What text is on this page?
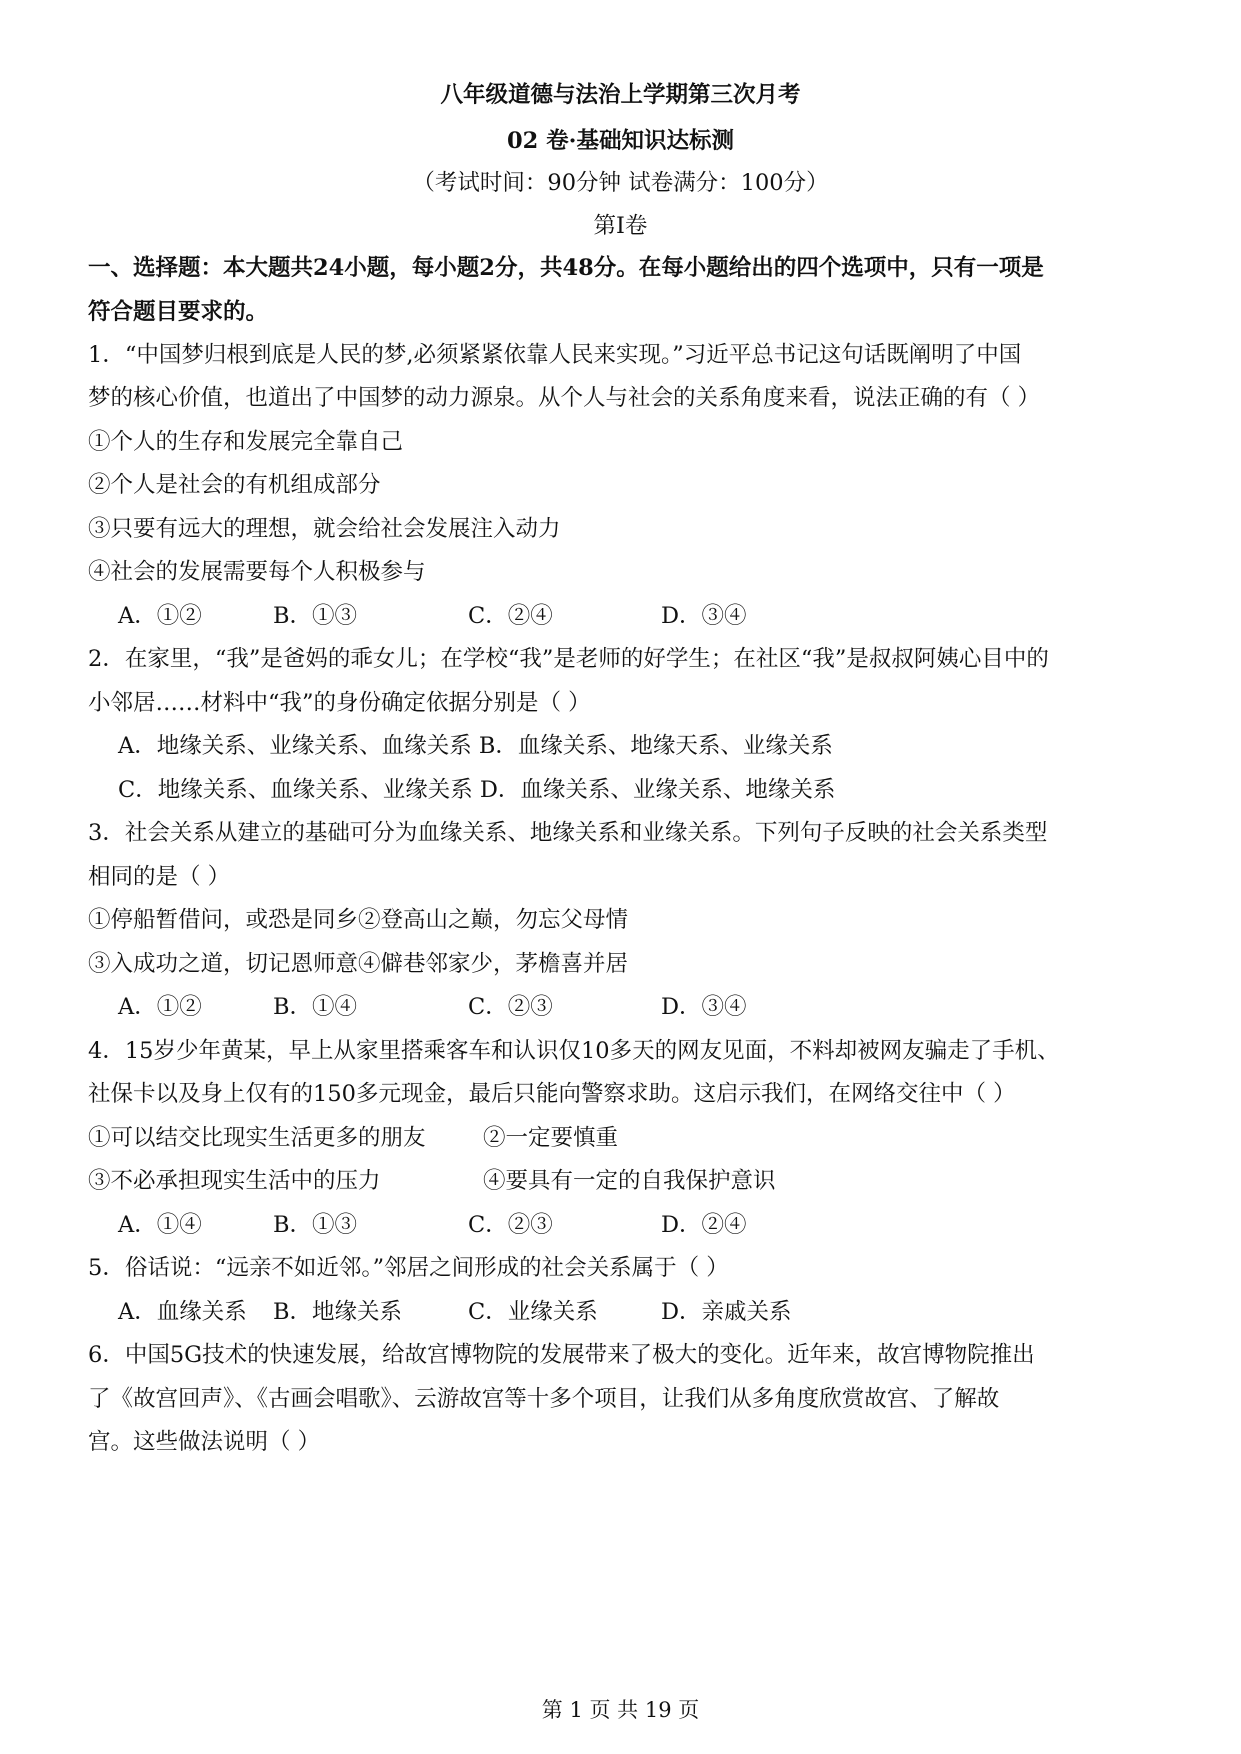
八年级道德与法治上学期第三次月考
02 卷·基础知识达标测
（考试时间：90分钟 试卷满分：100分）
第Ⅰ卷
一、选择题：本大题共24小题，每小题2分，共48分。在每小题给出的四个选项中，只有一项是
符合题目要求的。
1．“中国梦归根到底是人民的梦,必须紧紧依靠人民来实现。”习近平总书记这句话既阐明了中国
梦的核心价值，也道出了中国梦的动力源泉。从个人与社会的关系角度来看，说法正确的有（ ）
①个人的生存和发展完全靠自己
②个人是社会的有机组成部分
③只要有远大的理想，就会给社会发展注入动力
④社会的发展需要每个人积极参与
A．①②	B．①③	C．②④	D．③④
2．在家里，“我”是爸妈的乖女儿；在学校“我”是老师的好学生；在社区“我”是叔叔阿姨心目中的
小邻居……材料中“我”的身份确定依据分别是（ ）
A．地缘关系、业缘关系、血缘关系 B．血缘关系、地缘天系、业缘关系
C．地缘关系、血缘关系、业缘关系 D．血缘关系、业缘关系、地缘关系
3．社会关系从建立的基础可分为血缘关系、地缘关系和业缘关系。下列句子反映的社会关系类型
相同的是（ ）
①停船暂借问，或恐是同乡②登高山之巅，勿忘父母情
③入成功之道，切记恩师意④僻巷邻家少，茅檐喜并居
A．①②	B．①④	C．②③	D．③④
4．15岁少年黄某，早上从家里搭乘客车和认识仅10多天的网友见面，不料却被网友骗走了手机、
社保卡以及身上仅有的150多元现金，最后只能向警察求助。这启示我们，在网络交往中（ ）
①可以结交比现实生活更多的朋友	②一定要慎重
③不必承担现实生活中的压力	④要具有一定的自我保护意识
A．①④	B．①③	C．②③	D．②④
5．俗话说：“远亲不如近邻。”邻居之间形成的社会关系属于（ ）
A．血缘关系 B．地缘关系	C．业缘关系	D．亲戚关系
6．中国5G技术的快速发展，给故宫博物院的发展带来了极大的变化。近年来，故宫博物院推出
了《故宫回声》、《古画会唱歌》、云游故宫等十多个项目，让我们从多角度欣赏故宫、了解故
宫。这些做法说明（ ）
第 1 页 共 19 页
